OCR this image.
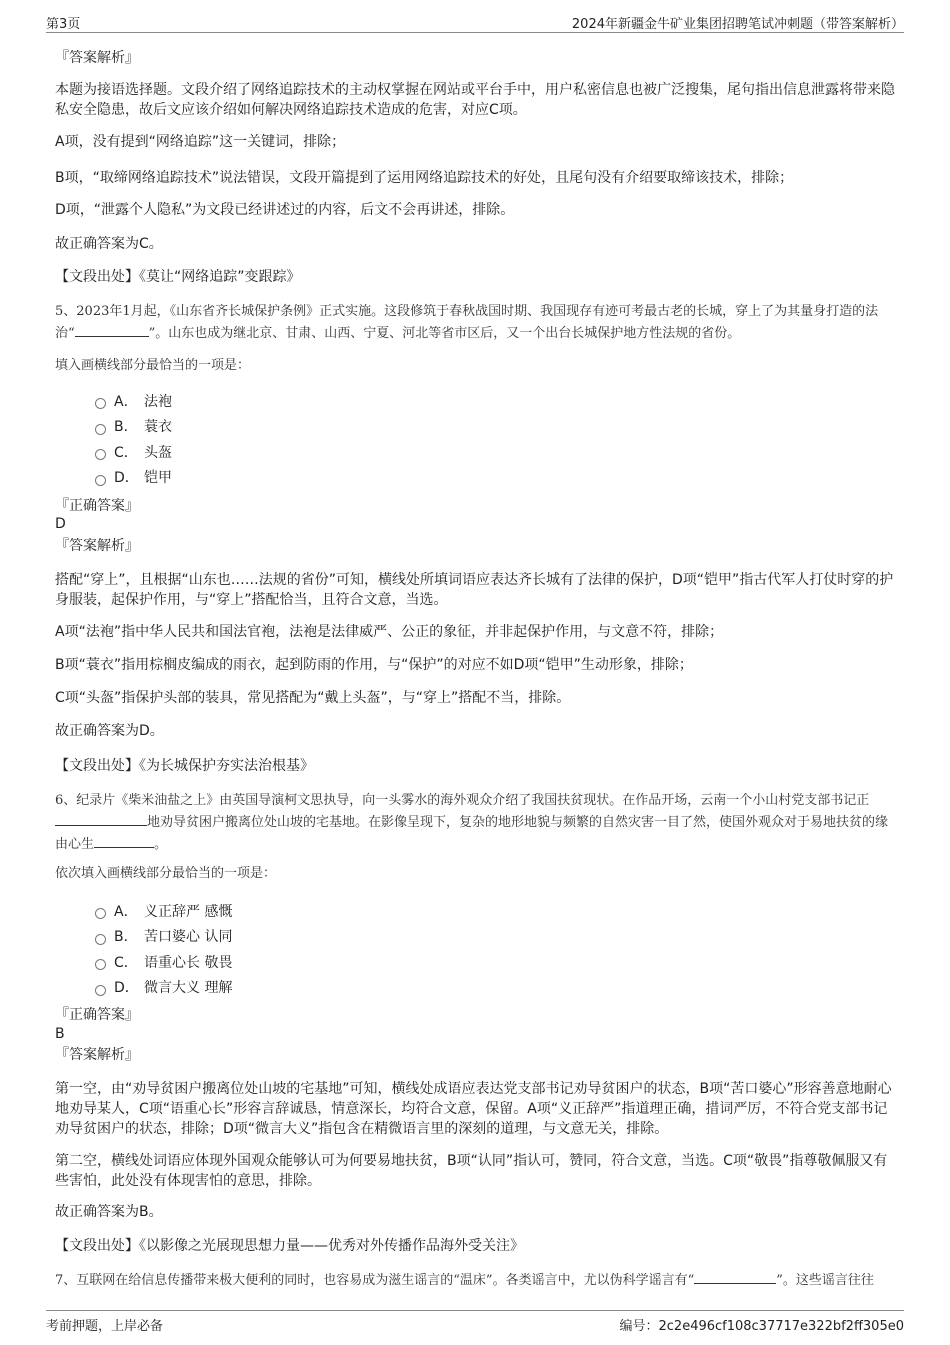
第3页	2024年新疆金牛矿业集团招聘笔试冲刺题（带答案解析）
『答案解析』
本题为接语选择题。文段介绍了网络追踪技术的主动权掌握在网站或平台手中，用户私密信息也被广泛搜集，尾句指出信息泄露将带来隐私安全隐患，故后文应该介绍如何解决网络追踪技术造成的危害，对应C项。
A项，没有提到“网络追踪”这一关键词，排除；
B项，“取缔网络追踪技术”说法错误，文段开篇提到了运用网络追踪技术的好处，且尾句没有介绍要取缔该技术，排除；
D项，“泄露个人隐私”为文段已经讲述过的内容，后文不会再讲述，排除。
故正确答案为C。
【文段出处】《莫让“网络追踪”变跟踪》
5、2023年1月起，《山东省齐长城保护条例》正式实施。这段修筑于春秋战国时期、我国现存有迹可考最古老的长城，穿上了为其量身打造的法治“	”。山东也成为继北京、甘肃、山西、宁夏、河北等省市区后，又一个出台长城保护地方性法规的省份。
填入画横线部分最恰当的一项是：
A． 法袍
B． 蓑衣
C． 头盔
D． 铠甲
『正确答案』
D
『答案解析』
搭配“穿上”，且根据“山东也……法规的省份”可知，横线处所填词语应表达齐长城有了法律的保护，D项“铠甲”指古代军人打仗时穿的护身服装，起保护作用，与“穿上”搭配恰当，且符合文意，当选。
A项“法袍”指中华人民共和国法官袍，法袍是法律威严、公正的象征，并非起保护作用，与文意不符，排除；
B项“蓑衣”指用棕榈皮编成的雨衣，起到防雨的作用，与“保护”的对应不如D项“铠甲”生动形象，排除；
C项“头盔”指保护头部的装具，常见搭配为“戴上头盔”，与“穿上”搭配不当，排除。
故正确答案为D。
【文段出处】《为长城保护夯实法治根基》
6、纪录片《柴米油盐之上》由英国导演柯文思执导，向一头雾水的海外观众介绍了我国扶贫现状。在作品开场，云南一个小山村党支部书记正地劝导贫困户搬离位处山坡的宅基地。在影像呈现下，复杂的地形地貌与频繁的自然灾害一目了然，使国外观众对于易地扶贫的缘由心生	。
依次填入画横线部分最恰当的一项是：
A． 义正辞严 感慨
B． 苦口婆心 认同
C． 语重心长 敬畏
D． 微言大义 理解
『正确答案』
B
『答案解析』
第一空，由“劝导贫困户搬离位处山坡的宅基地”可知，横线处成语应表达党支部书记劝导贫困户的状态，B项“苦口婆心”形容善意地耐心地劝导某人，C项“语重心长”形容言辞诚恳，情意深长，均符合文意，保留。A项“义正辞严”指道理正确，措词严厉，不符合党支部书记劝导贫困户的状态，排除；D项“微言大义”指包含在精微语言里的深刻的道理，与文意无关，排除。
第二空，横线处词语应体现外国观众能够认可为何要易地扶贫，B项“认同”指认可，赞同，符合文意，当选。C项“敬畏”指尊敬佩服又有些害怕，此处没有体现害怕的意思，排除。
故正确答案为B。
【文段出处】《以影像之光展现思想力量——优秀对外传播作品海外受关注》
7、互联网在给信息传播带来极大便利的同时，也容易成为滋生谣言的“温床”。各类谣言中，尤以伪科学谣言有“	”。这些谣言往往
考前押题，上岸必备	编号：2c2e496cf108c37717e322bf2ff305e0
